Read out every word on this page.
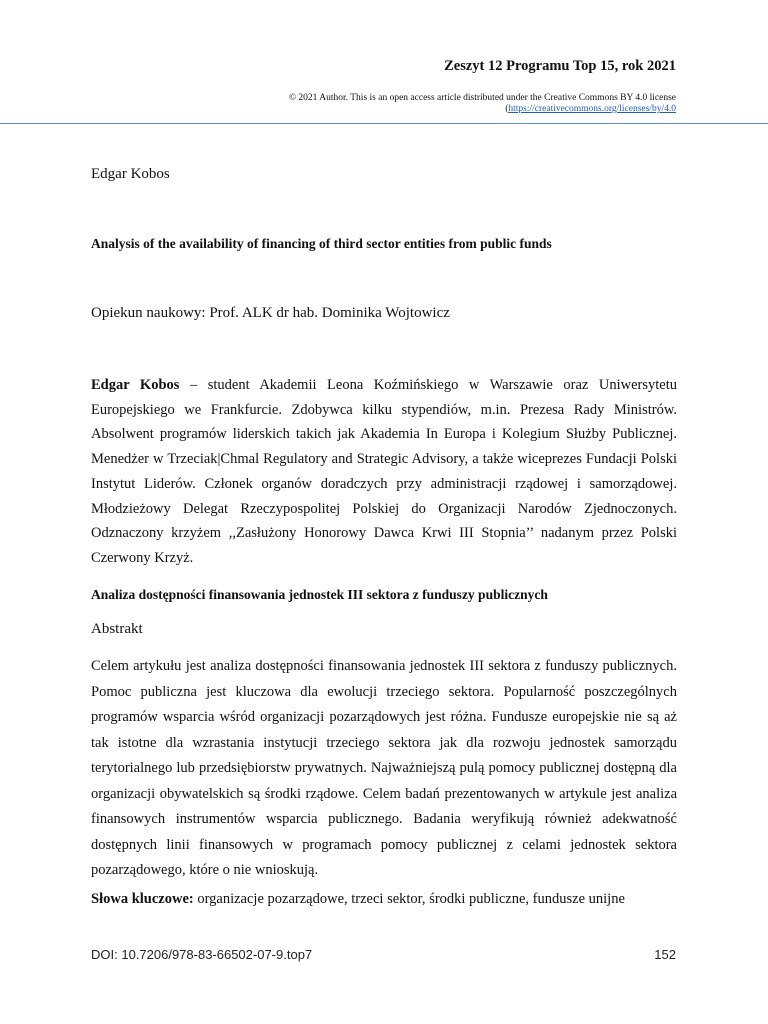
Zeszyt 12 Programu Top 15, rok 2021
© 2021 Author. This is an open access article distributed under the Creative Commons BY 4.0 license
(https://creativecommons.org/licenses/by/4.0
Edgar Kobos
Analysis of the availability of financing of third sector entities from public funds
Opiekun naukowy: Prof. ALK dr hab. Dominika Wojtowicz

Edgar Kobos – student Akademii Leona Koźmińskiego w Warszawie oraz Uniwersytetu Europejskiego we Frankfurcie. Zdobywca kilku stypendiów, m.in. Prezesa Rady Ministrów. Absolwent programów liderskich takich jak Akademia In Europa i Kolegium Służby Publicznej. Menedżer w Trzeciak|Chmal Regulatory and Strategic Advisory, a także wiceprezes Fundacji Polski Instytut Liderów. Członek organów doradczych przy administracji rządowej i samorządowej. Młodzieżowy Delegat Rzeczypospolitej Polskiej do Organizacji Narodów Zjednoczonych. Odznaczony krzyżem ,,Zasłużony Honorowy Dawca Krwi III Stopnia’’ nadanym przez Polski Czerwony Krzyż.

Analiza dostępności finansowania jednostek III sektora z funduszy publicznych
Abstrakt

Celem artykułu jest analiza dostępności finansowania jednostek III sektora z funduszy publicznych. Pomoc publiczna jest kluczowa dla ewolucji trzeciego sektora. Popularność poszczególnych programów wsparcia wśród organizacji pozarządowych jest różna. Fundusze europejskie nie są aż tak istotne dla wzrastania instytucji trzeciego sektora jak dla rozwoju jednostek samorządu terytorialnego lub przedsiębiorstw prywatnych. Najważniejszą pulą pomocy publicznej dostępną dla organizacji obywatelskich są środki rządowe. Celem badań prezentowanych w artykule jest analiza finansowych instrumentów wsparcia publicznego. Badania weryfikują również adekwatność dostępnych linii finansowych w programach pomocy publicznej z celami jednostek sektora pozarządowego, które o nie wnioskują.

Słowa kluczowe: organizacje pozarządowe, trzeci sektor, środki publiczne, fundusze unijne
DOI: 10.7206/978-83-66502-07-9.top7	152
